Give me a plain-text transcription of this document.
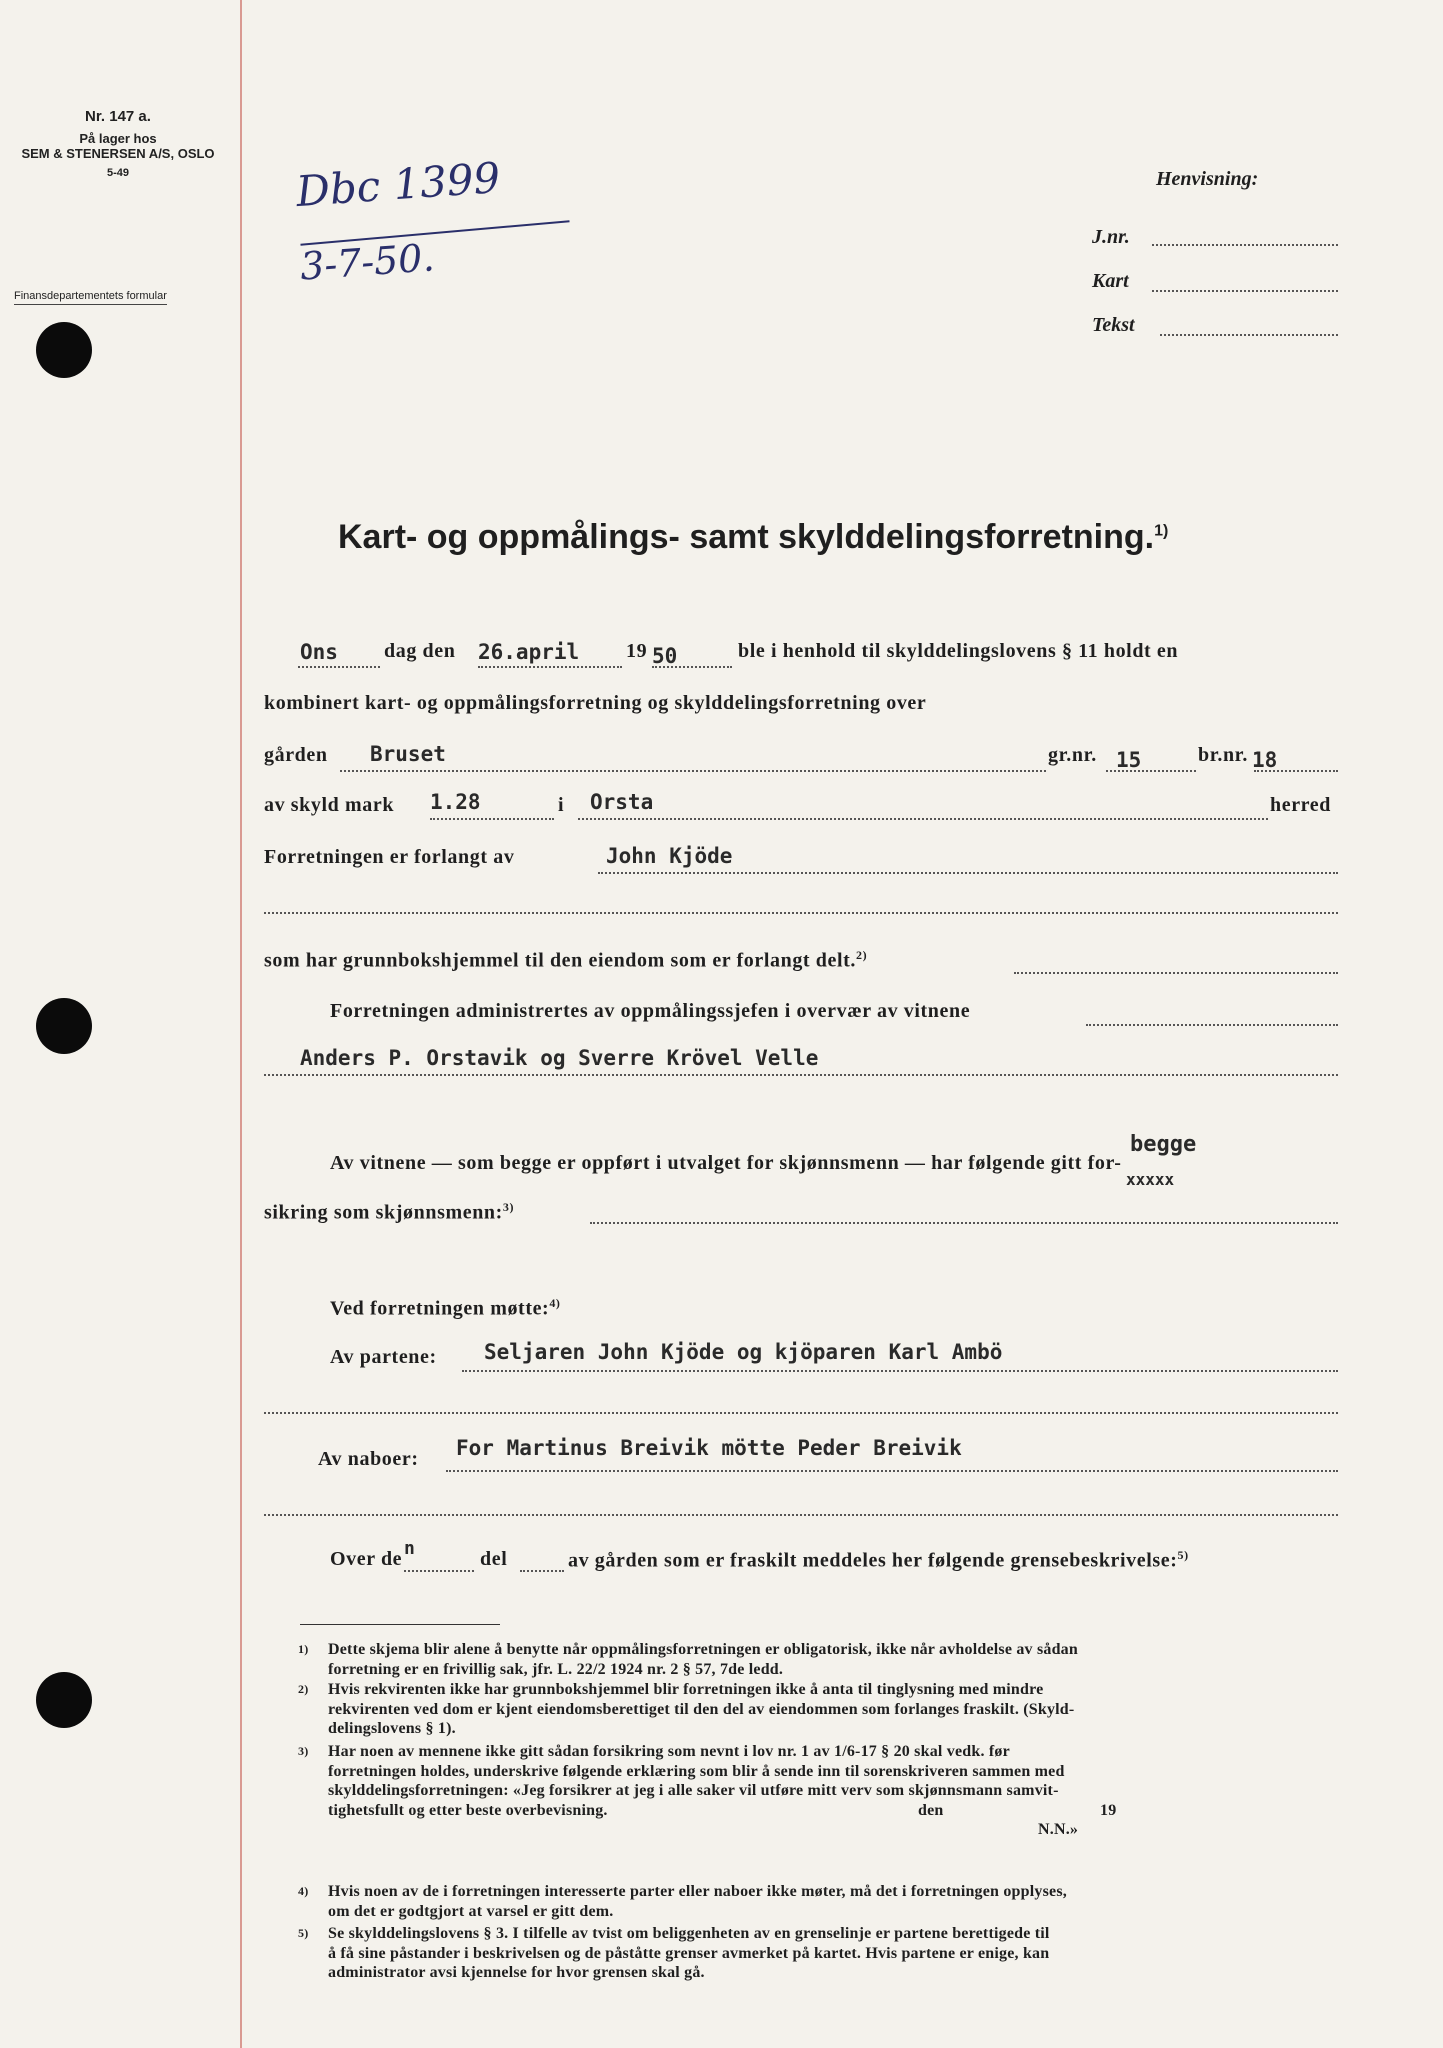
Nr. 147 a.
På lager hos
SEM & STENERSEN A/S, OSLO
5-49
Finansdepartementets formular
Dbc 1399
3-7-50.
Henvisning:
J.nr.
Kart
Tekst
Kart- og oppmålings- samt skylddelingsforretning.$^{1)}$
Ons dag den 26.april 19 50	ble i henhold til skylddelingslovens § 11 holdt en
kombinert kart- og oppmålingsforretning og skylddelingsforretning over
gården Bruset	gr.nr. 15	br.nr. 18
av skyld mark 1.28	i Orsta	herred
Forretningen er forlangt av	John Kjöde
som har grunnbokshjemmel til den eiendom som er forlangt delt.$^{2)}$
Forretningen administrertes av oppmålingssjefen i overvær av vitnene
Anders P. Orstavik og Sverre Krövel Velle
begge
Av vitnene — som begge er oppført i utvalget for skjønnsmenn — har følgende gitt for-
xxxxx
sikring som skjønnsmenn:$^{3)}$
Ved forretningen møtte:$^{4)}$
Av partene: Seljaren John Kjöde og kjöparen Karl Ambö
Av naboer: For Martinus Breivik mötte Peder Breivik
Over de n	del	av gården som er fraskilt meddeles her følgende grensebeskrivelse:$^{5)}$
1) Dette skjema blir alene å benytte når oppmålingsforretningen er obligatorisk, ikke når avholdelse av sådan
forretning er en frivillig sak, jfr. L. 22/2 1924 nr. 2 § 57, 7de ledd.
2) Hvis rekvirenten ikke har grunnbokshjemmel blir forretningen ikke å anta til tinglysning med mindre
rekvirenten ved dom er kjent eiendomsberettiget til den del av eiendommen som forlanges fraskilt. (Skyld-
delingslovens § 1).
3) Har noen av mennene ikke gitt sådan forsikring som nevnt i lov nr. 1 av 1/6-17 § 20 skal vedk. før
forretningen holdes, underskrive følgende erklæring som blir å sende inn til sorenskriveren sammen med
skylddelingsforretningen: «Jeg forsikrer at jeg i alle saker vil utføre mitt verv som skjønnsmann samvit-
tighetsfullt og etter beste overbevisning.	den	19
N.N.»
4) Hvis noen av de i forretningen interesserte parter eller naboer ikke møter, må det i forretningen opplyses,
om det er godtgjort at varsel er gitt dem.
5) Se skylddelingslovens § 3. I tilfelle av tvist om beliggenheten av en grenselinje er partene berettigede til
å få sine påstander i beskrivelsen og de påståtte grenser avmerket på kartet. Hvis partene er enige, kan
administrator avsi kjennelse for hvor grensen skal gå.
